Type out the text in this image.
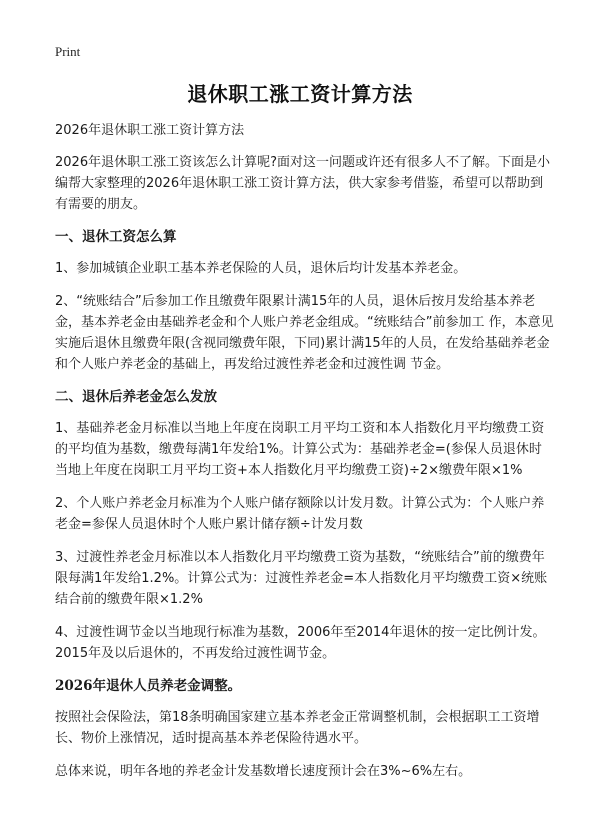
Print
退休职工涨工资计算方法

2026年退休职工涨工资计算方法

2026年退休职工涨工资该怎么计算呢?面对这一问题或许还有很多人不了解。下面是小编帮大家整理的2026年退休职工涨工资计算方法，供大家参考借鉴，希望可以帮助到有需要的朋友。

一、退休工资怎么算

1、参加城镇企业职工基本养老保险的人员，退休后均计发基本养老金。

2、“统账结合”后参加工作且缴费年限累计满15年的人员，退休后按月发给基本养老金，基本养老金由基础养老金和个人账户养老金组成。“统账结合”前参加工 作，本意见实施后退休且缴费年限(含视同缴费年限，下同)累计满15年的人员，在发给基础养老金和个人账户养老金的基础上，再发给过渡性养老金和过渡性调 节金。

二、退休后养老金怎么发放

1、基础养老金月标准以当地上年度在岗职工月平均工资和本人指数化月平均缴费工资的平均值为基数，缴费每满1年发给1%。计算公式为：基础养老金=(参保人员退休时当地上年度在岗职工月平均工资+本人指数化月平均缴费工资)÷2×缴费年限×1%

2、个人账户养老金月标准为个人账户储存额除以计发月数。计算公式为：个人账户养老金=参保人员退休时个人账户累计储存额÷计发月数

3、过渡性养老金月标准以本人指数化月平均缴费工资为基数，“统账结合”前的缴费年限每满1年发给1.2%。计算公式为：过渡性养老金=本人指数化月平均缴费工资×统账结合前的缴费年限×1.2%

4、过渡性调节金以当地现行标准为基数，2006年至2014年退休的按一定比例计发。2015年及以后退休的，不再发给过渡性调节金。

2026年退休人员养老金调整。

按照社会保险法，第18条明确国家建立基本养老金正常调整机制，会根据职工工资增长、物价上涨情况，适时提高基本养老保险待遇水平。

总体来说，明年各地的养老金计发基数增长速度预计会在3%~6%左右。
